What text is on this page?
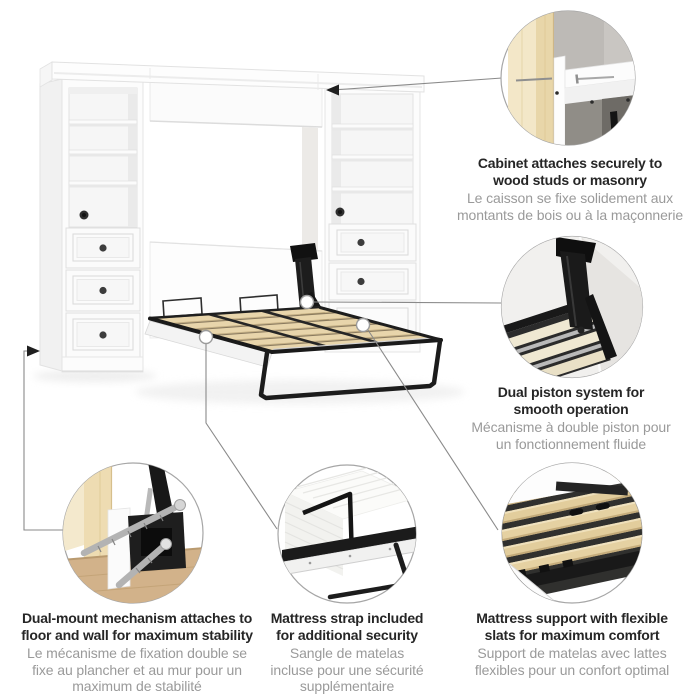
Cabinet attaches securely to
wood studs or masonry
Le caisson se fixe solidement aux
montants de bois ou à la maçonnerie
Dual piston system for
smooth operation
Mécanisme à double piston pour
un fonctionnement fluide
Dual-mount mechanism attaches to
floor and wall for maximum stability
Le mécanisme de fixation double se
fixe au plancher et au mur pour un
maximum de stabilité
Mattress strap included
for additional security
Sangle de matelas
incluse pour une sécurité
supplémentaire
Mattress support with flexible
slats for maximum comfort
Support de matelas avec lattes
flexibles pour un confort optimal
